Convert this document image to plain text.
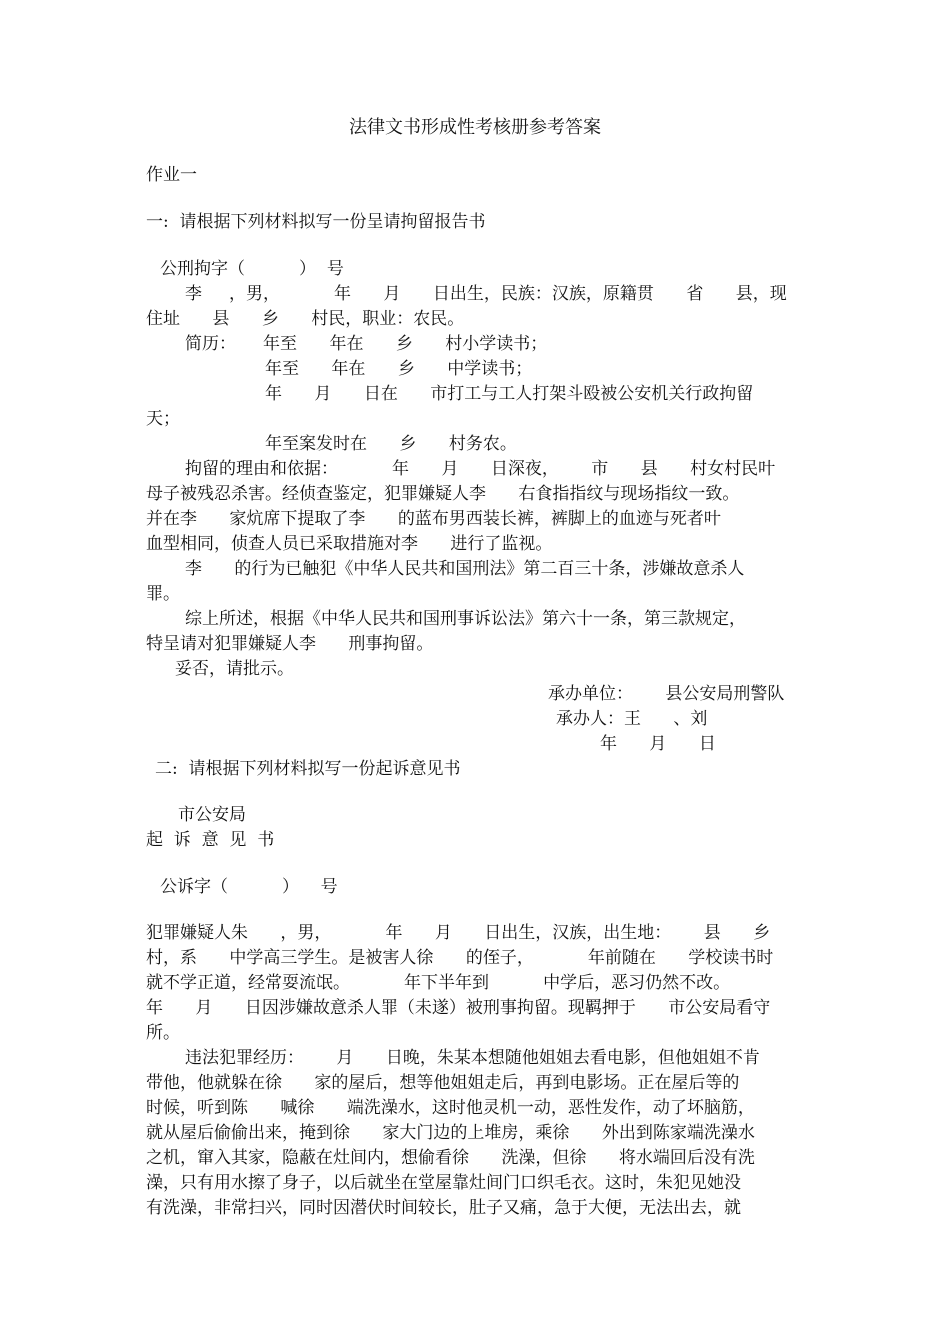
法律文书形成性考核册参考答案
作业一
一:  请根据下列材料拟写一份呈请拘留报告书
公刑拘字（          ）  号
李     ，男，          年      月      日出生，民族：汉族，原籍贯      省      县，现
住址      县      乡      村民，职业：农民。
简历：     年至      年在      乡      村小学读书；
年至      年在      乡      中学读书；
年      月      日在      市打工与工人打架斗殴被公安机关行政拘留
天；
年至案发时在      乡      村务农。
拘留的理由和依据：          年      月      日深夜，      市      县      村女村民叶
母子被残忍杀害。经侦查鉴定，犯罪嫌疑人李      右食指指纹与现场指纹一致。
并在李      家炕席下提取了李      的蓝布男西装长裤，裤脚上的血迹与死者叶
血型相同，侦查人员已采取措施对李      进行了监视。
李      的行为已触犯《中华人民共和国刑法》第二百三十条，涉嫌故意杀人
罪。
综上所述，根据《中华人民共和国刑事诉讼法》第六十一条，第三款规定，
特呈请对犯罪嫌疑人李      刑事拘留。
妥否，请批示。
承办单位：      县公安局刑警队
承办人：王      、刘
年      月      日
二:  请根据下列材料拟写一份起诉意见书
市公安局
起  诉  意  见  书
公诉字（          ）    号
犯罪嫌疑人朱      ，男，          年      月      日出生，汉族，出生地：      县      乡
村，系      中学高三学生。是被害人徐      的侄子，          年前随在      学校读书时
就不学正道，经常耍流氓。          年下半年到          中学后，恶习仍然不改。
年      月      日因涉嫌故意杀人罪（未遂）被刑事拘留。现羁押于      市公安局看守
所。
违法犯罪经历：      月      日晚，朱某本想随他姐姐去看电影，但他姐姐不肯
带他，他就躲在徐      家的屋后，想等他姐姐走后，再到电影场。正在屋后等的
时候，听到陈      喊徐      端洗澡水，这时他灵机一动，恶性发作，动了坏脑筋，
就从屋后偷偷出来，掩到徐      家大门边的上堆房，乘徐      外出到陈家端洗澡水
之机，窜入其家，隐蔽在灶间内，想偷看徐      洗澡，但徐      将水端回后没有洗
澡，只有用水擦了身子，以后就坐在堂屋靠灶间门口织毛衣。这时，朱犯见她没
有洗澡，非常扫兴，同时因潜伏时间较长，肚子又痛，急于大便，无法出去，就
